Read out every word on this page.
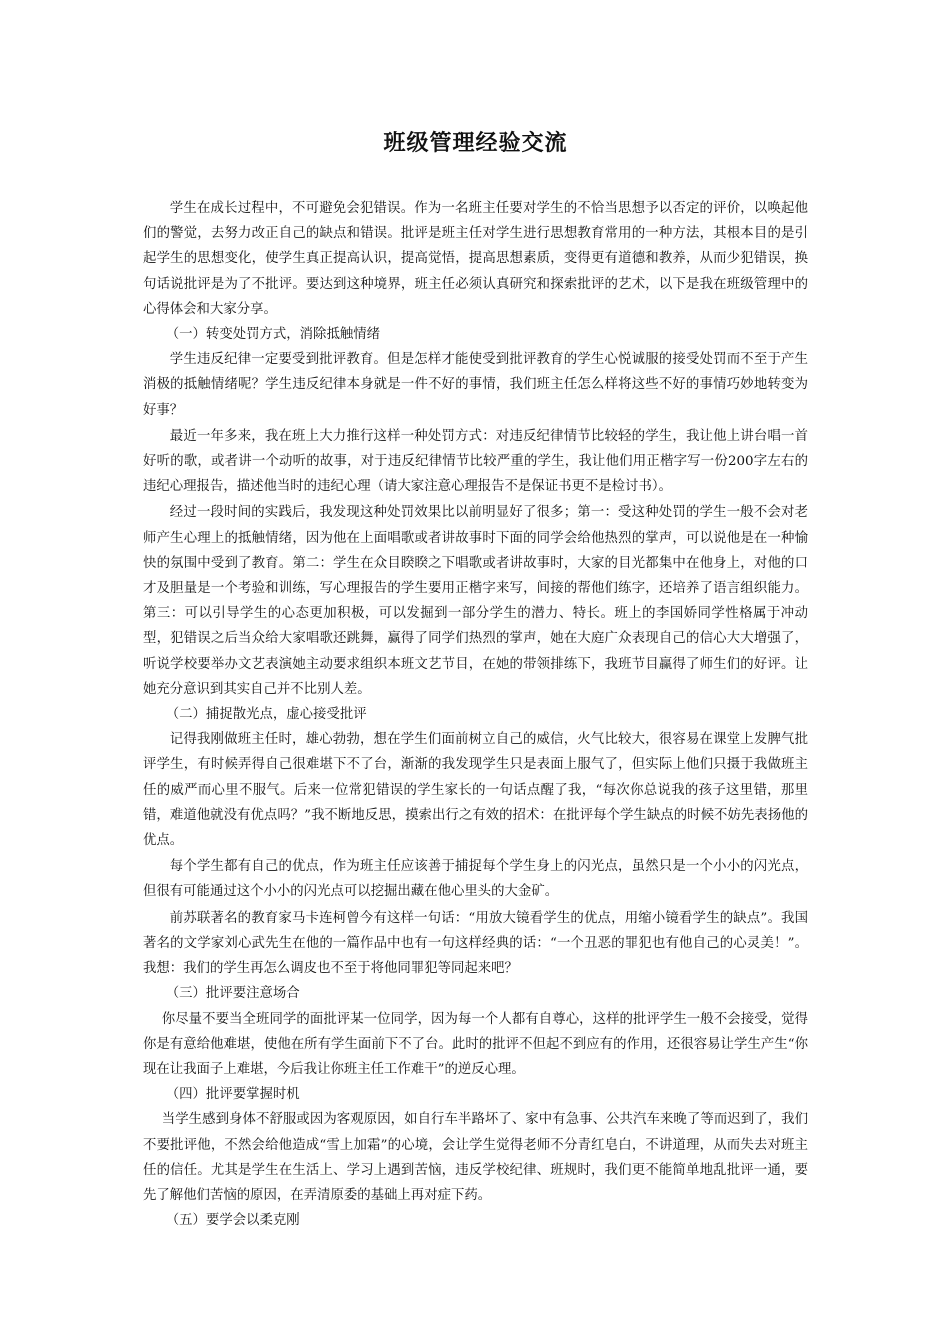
班级管理经验交流

学生在成长过程中，不可避免会犯错误。作为一名班主任要对学生的不恰当思想予以否定的评价，以唤起他们的警觉，去努力改正自己的缺点和错误。批评是班主任对学生进行思想教育常用的一种方法，其根本目的是引起学生的思想变化，使学生真正提高认识，提高觉悟，提高思想素质，变得更有道德和教养，从而少犯错误，换句话说批评是为了不批评。要达到这种境界，班主任必须认真研究和探索批评的艺术，以下是我在班级管理中的心得体会和大家分享。

（一）转变处罚方式，消除抵触情绪

学生违反纪律一定要受到批评教育。但是怎样才能使受到批评教育的学生心悦诚服的接受处罚而不至于产生消极的抵触情绪呢？学生违反纪律本身就是一件不好的事情，我们班主任怎么样将这些不好的事情巧妙地转变为好事？

最近一年多来，我在班上大力推行这样一种处罚方式：对违反纪律情节比较轻的学生，我让他上讲台唱一首好听的歌，或者讲一个动听的故事，对于违反纪律情节比较严重的学生，我让他们用正楷字写一份200字左右的违纪心理报告，描述他当时的违纪心理（请大家注意心理报告不是保证书更不是检讨书）。

经过一段时间的实践后，我发现这种处罚效果比以前明显好了很多；第一：受这种处罚的学生一般不会对老师产生心理上的抵触情绪，因为他在上面唱歌或者讲故事时下面的同学会给他热烈的掌声，可以说他是在一种愉快的氛围中受到了教育。第二：学生在众目睽睽之下唱歌或者讲故事时，大家的目光都集中在他身上，对他的口才及胆量是一个考验和训练，写心理报告的学生要用正楷字来写，间接的帮他们练字，还培养了语言组织能力。第三：可以引导学生的心态更加积极，可以发掘到一部分学生的潜力、特长。班上的李国娇同学性格属于冲动型，犯错误之后当众给大家唱歌还跳舞，赢得了同学们热烈的掌声，她在大庭广众表现自己的信心大大增强了，听说学校要举办文艺表演她主动要求组织本班文艺节目，在她的带领排练下，我班节目赢得了师生们的好评。让她充分意识到其实自己并不比别人差。

（二）捕捉散光点，虚心接受批评

记得我刚做班主任时，雄心勃勃，想在学生们面前树立自己的威信，火气比较大，很容易在课堂上发脾气批评学生，有时候弄得自己很难堪下不了台，渐渐的我发现学生只是表面上服气了，但实际上他们只摄于我做班主任的威严而心里不服气。后来一位常犯错误的学生家长的一句话点醒了我，“每次你总说我的孩子这里错，那里错，难道他就没有优点吗？”我不断地反思，摸索出行之有效的招术：在批评每个学生缺点的时候不妨先表扬他的优点。

每个学生都有自己的优点，作为班主任应该善于捕捉每个学生身上的闪光点，虽然只是一个小小的闪光点，但很有可能通过这个小小的闪光点可以挖掘出藏在他心里头的大金矿。

前苏联著名的教育家马卡连柯曾今有这样一句话：“用放大镜看学生的优点，用缩小镜看学生的缺点”。我国著名的文学家刘心武先生在他的一篇作品中也有一句这样经典的话：“一个丑恶的罪犯也有他自己的心灵美！”。我想：我们的学生再怎么调皮也不至于将他同罪犯等同起来吧？

（三）批评要注意场合

你尽量不要当全班同学的面批评某一位同学，因为每一个人都有自尊心，这样的批评学生一般不会接受，觉得你是有意给他难堪，使他在所有学生面前下不了台。此时的批评不但起不到应有的作用，还很容易让学生产生“你现在让我面子上难堪，今后我让你班主任工作难干”的逆反心理。

（四）批评要掌握时机

当学生感到身体不舒服或因为客观原因，如自行车半路坏了、家中有急事、公共汽车来晚了等而迟到了，我们不要批评他，不然会给他造成“雪上加霜”的心境，会让学生觉得老师不分青红皂白，不讲道理，从而失去对班主任的信任。尤其是学生在生活上、学习上遇到苦恼，违反学校纪律、班规时，我们更不能简单地乱批评一通，要先了解他们苦恼的原因，在弄清原委的基础上再对症下药。

（五）要学会以柔克刚
